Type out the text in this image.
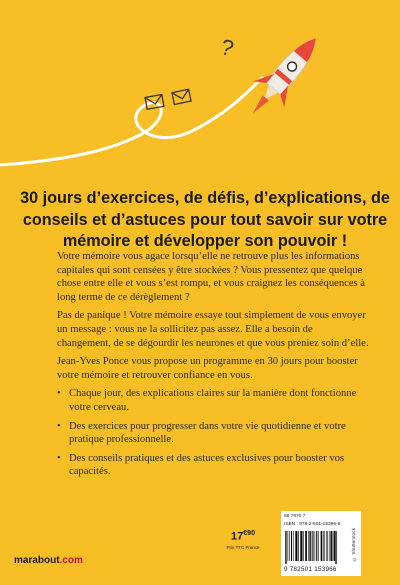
?

30 jours d’exercices, de défis, d’explications, de conseils et d’astuces pour tout savoir sur votre mémoire et développer son pouvoir !

Votre mémoire vous agace lorsqu’elle ne retrouve plus les informations capitales qui sont censées y être stockées ? Vous pressentez que quelque chose entre elle et vous s’est rompu, et vous craignez les conséquences à long terme de ce dérèglement ?

Pas de panique ! Votre mémoire essaye tout simplement de vous envoyer un message : vous ne la sollicitez pas assez. Elle a besoin de changement, de se dégourdir les neurones et que vous preniez soin d’elle.

Jean-Yves Ponce vous propose un programme en 30 jours pour booster votre mémoire et retrouver confiance en vous.

• Chaque jour, des explications claires sur la manière dont fonctionne votre cerveau.
• Des exercices pour progresser dans votre vie quotidienne et votre pratique professionnelle.
• Des conseils pratiques et des astuces exclusives pour booster vos capacités.
marabout.com
$17^{€90}$
Prix TTC France
56 7970 7
ISBN : 978-2-501-15396-6
9 782501 153966
© Shutterstock
